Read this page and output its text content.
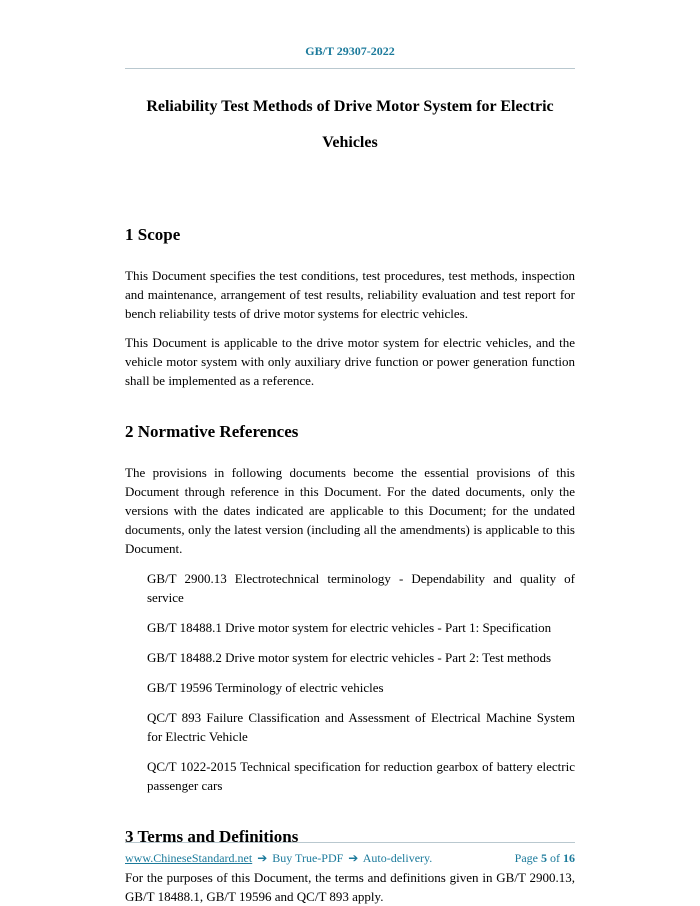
GB/T 29307-2022
Reliability Test Methods of Drive Motor System for Electric
Vehicles
1 Scope

This Document specifies the test conditions, test procedures, test methods, inspection and maintenance, arrangement of test results, reliability evaluation and test report for bench reliability tests of drive motor systems for electric vehicles.

This Document is applicable to the drive motor system for electric vehicles, and the vehicle motor system with only auxiliary drive function or power generation function shall be implemented as a reference.

2 Normative References

The provisions in following documents become the essential provisions of this Document through reference in this Document. For the dated documents, only the versions with the dates indicated are applicable to this Document; for the undated documents, only the latest version (including all the amendments) is applicable to this Document.

GB/T 2900.13 Electrotechnical terminology - Dependability and quality of service

GB/T 18488.1 Drive motor system for electric vehicles - Part 1: Specification

GB/T 18488.2 Drive motor system for electric vehicles - Part 2: Test methods

GB/T 19596 Terminology of electric vehicles

QC/T 893 Failure Classification and Assessment of Electrical Machine System for Electric Vehicle

QC/T 1022-2015 Technical specification for reduction gearbox of battery electric passenger cars

3 Terms and Definitions

For the purposes of this Document, the terms and definitions given in GB/T 2900.13, GB/T 18488.1, GB/T 19596 and QC/T 893 apply.

www.ChineseStandard.net ➔ Buy True-PDF ➔ Auto-delivery.	Page 5 of 16
